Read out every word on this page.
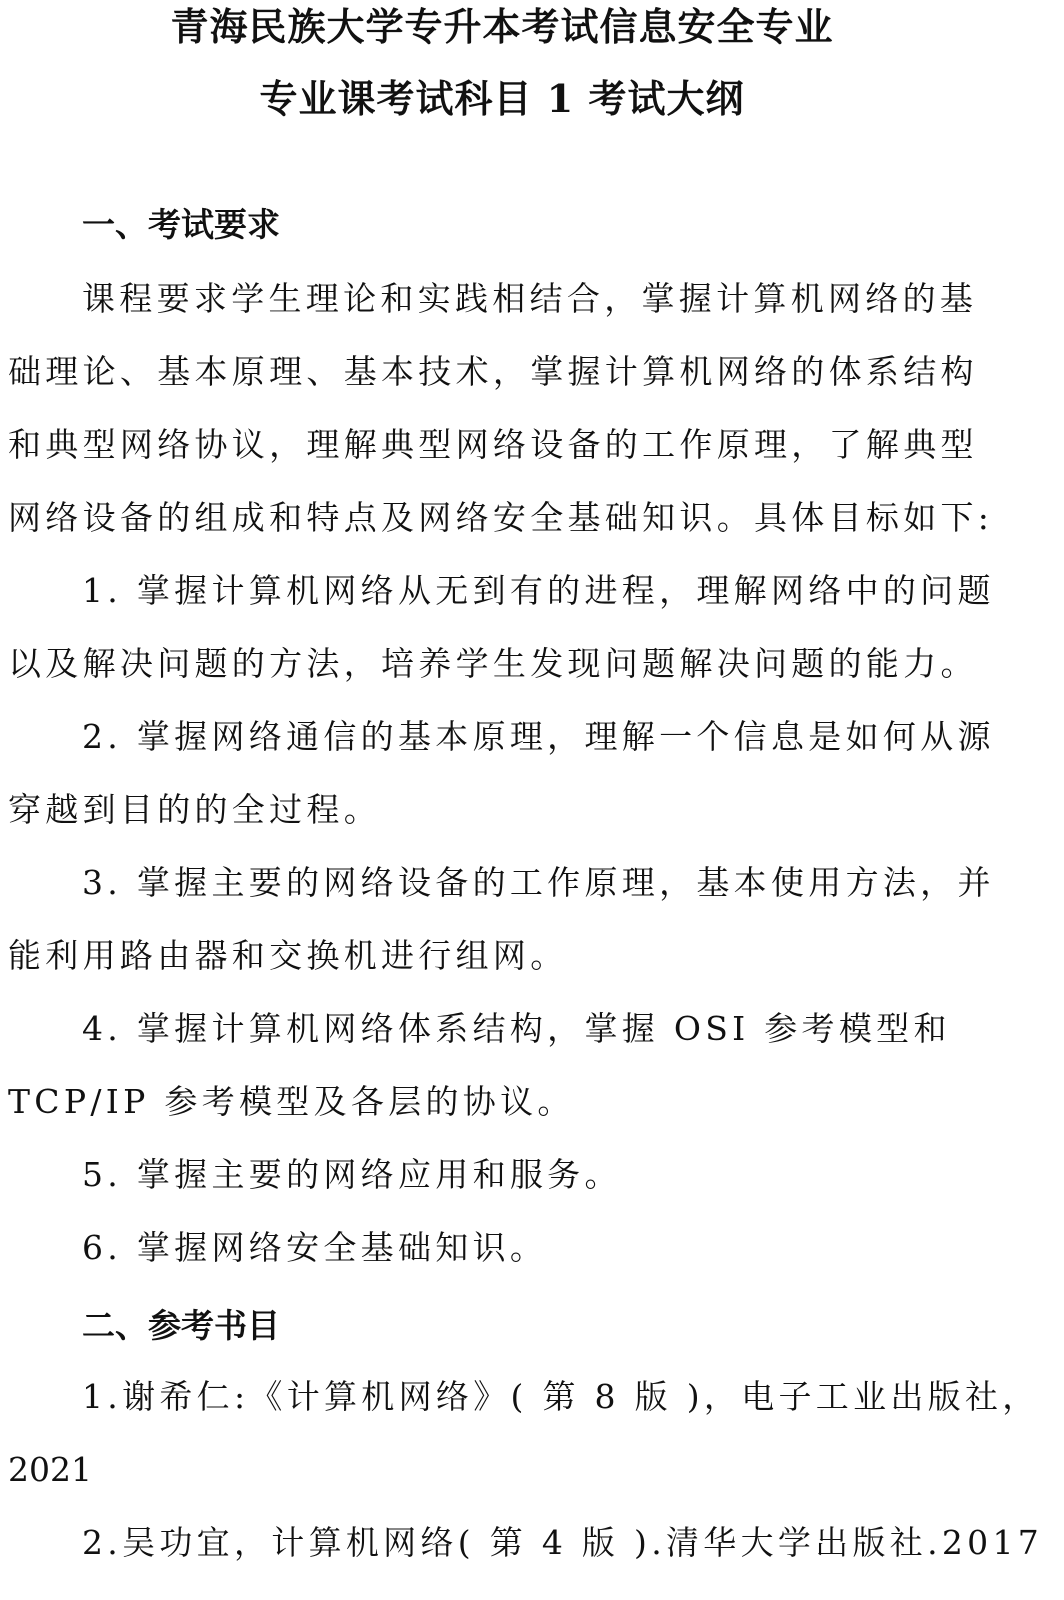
青海民族大学专升本考试信息安全专业
专业课考试科目 1 考试大纲
一、考试要求
课程要求学生理论和实践相结合，掌握计算机网络的基
础理论、基本原理、基本技术，掌握计算机网络的体系结构
和典型网络协议，理解典型网络设备的工作原理，了解典型
网络设备的组成和特点及网络安全基础知识。具体目标如下:
1. 掌握计算机网络从无到有的进程，理解网络中的问题
以及解决问题的方法，培养学生发现问题解决问题的能力。
2. 掌握网络通信的基本原理，理解一个信息是如何从源
穿越到目的的全过程。
3. 掌握主要的网络设备的工作原理，基本使用方法，并
能利用路由器和交换机进行组网。
4. 掌握计算机网络体系结构，掌握 OSI 参考模型和
TCP/IP 参考模型及各层的协议。
5. 掌握主要的网络应用和服务。
6. 掌握网络安全基础知识。
二、参考书目
1.谢希仁:《计算机网络》( 第 8 版 )，电子工业出版社，
2021
2.吴功宜，计算机网络( 第 4 版 ).清华大学出版社.2017
